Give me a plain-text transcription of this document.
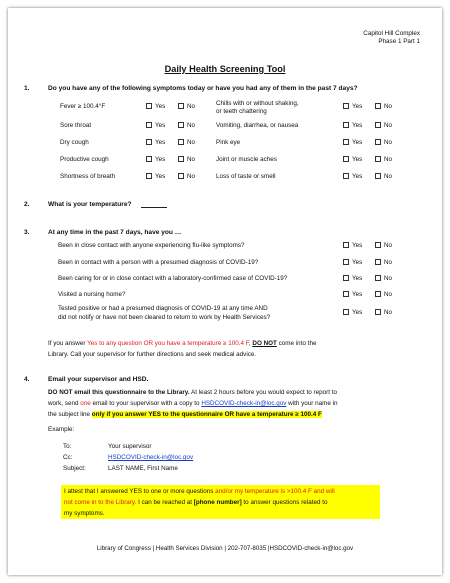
Capitol Hill Complex
Phase 1 Part 1
Daily Health Screening Tool
1.	Do you have any of the following symptoms today or have you had any of them in the past 7 days?
Fever ≥ 100.4°F	Yes	No
Sore throat	Yes	No
Dry cough	Yes	No
Productive cough	Yes	No
Shortness of breath	Yes	No
Chills with or without shaking,
or teeth chattering
Yes	No
Vomiting, diarrhea, or nausea	Yes	No
Pink eye	Yes	No
Joint or muscle aches	Yes	No
Loss of taste or smell	Yes	No
2.	What is your temperature?
3.	At any time in the past 7 days, have you …
Been in close contact with anyone experiencing flu-like symptoms?	Yes	No
Been in contact with a person with a presumed diagnosis of COVID-19?	Yes	No
Been caring for or in close contact with a laboratory-confirmed case of COVID-19?	Yes	No
Visited a nursing home?	Yes	No
Tested positive or had a presumed diagnosis of COVID-19 at any time AND
did not notify or have not been cleared to return to work by Health Services?
Yes	No
If you answer Yes to any question OR you have a temperature ≥ 100.4 F, DO NOT come into the
Library. Call your supervisor for further directions and seek medical advice.
4.	Email your supervisor and HSD.
DO NOT email this questionnaire to the Library. At least 2 hours before you would expect to report to
work, send one email to your supervisor with a copy to HSDCOVID-check-in@loc.gov with your name in
the subject line only if you answer YES to the questionnaire OR have a temperature ≥ 100.4 F
Example:
To:	Your supervisor
Cc:	HSDCOVID-check-in@loc.gov
Subject:	LAST NAME, First Name
I attest that I answered YES to one or more questions and/or my temperature is >100.4 F and will
not come in to the Library. I can be reached at [phone number] to answer questions related to
my symptoms.
Library of Congress | Health Services Division | 202-707-8035 |HSDCOVID-check-in@loc.gov
